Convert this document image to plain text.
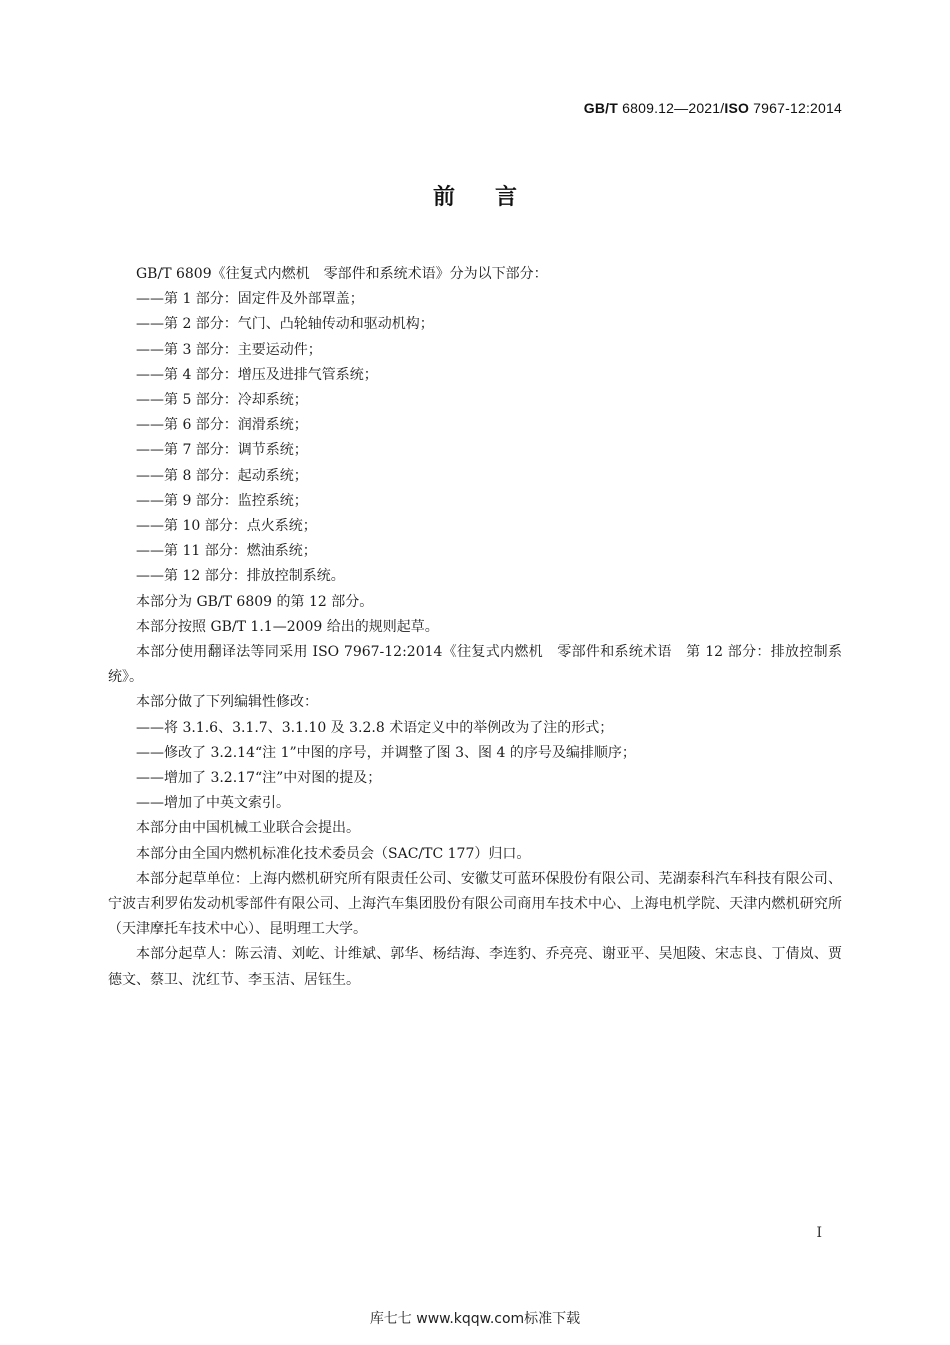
GB/T 6809.12—2021/ISO 7967-12:2014
前言

GB/T 6809《往复式内燃机　零部件和系统术语》分为以下部分：

——第 1 部分：固定件及外部罩盖；

——第 2 部分：气门、凸轮轴传动和驱动机构；

——第 3 部分：主要运动件；

——第 4 部分：增压及进排气管系统；

——第 5 部分：冷却系统；

——第 6 部分：润滑系统；

——第 7 部分：调节系统；

——第 8 部分：起动系统；

——第 9 部分：监控系统；

——第 10 部分：点火系统；

——第 11 部分：燃油系统；

——第 12 部分：排放控制系统。

本部分为 GB/T 6809 的第 12 部分。

本部分按照 GB/T 1.1—2009 给出的规则起草。

本部分使用翻译法等同采用 ISO 7967-12:2014《往复式内燃机　零部件和系统术语　第 12 部分：排放控制系统》。

本部分做了下列编辑性修改：

——将 3.1.6、3.1.7、3.1.10 及 3.2.8 术语定义中的举例改为了注的形式；

——修改了 3.2.14“注 1”中图的序号，并调整了图 3、图 4 的序号及编排顺序；

——增加了 3.2.17“注”中对图的提及；

——增加了中英文索引。

本部分由中国机械工业联合会提出。

本部分由全国内燃机标准化技术委员会（SAC/TC 177）归口。

本部分起草单位：上海内燃机研究所有限责任公司、安徽艾可蓝环保股份有限公司、芜湖泰科汽车科技有限公司、宁波吉利罗佑发动机零部件有限公司、上海汽车集团股份有限公司商用车技术中心、上海电机学院、天津内燃机研究所（天津摩托车技术中心）、昆明理工大学。

本部分起草人：陈云清、刘屹、计维斌、郭华、杨结海、李连豹、乔亮亮、谢亚平、吴旭陵、宋志良、丁倩岚、贾德文、蔡卫、沈红节、李玉洁、居钰生。

I
库七七 www.kqqw.com标准下载
